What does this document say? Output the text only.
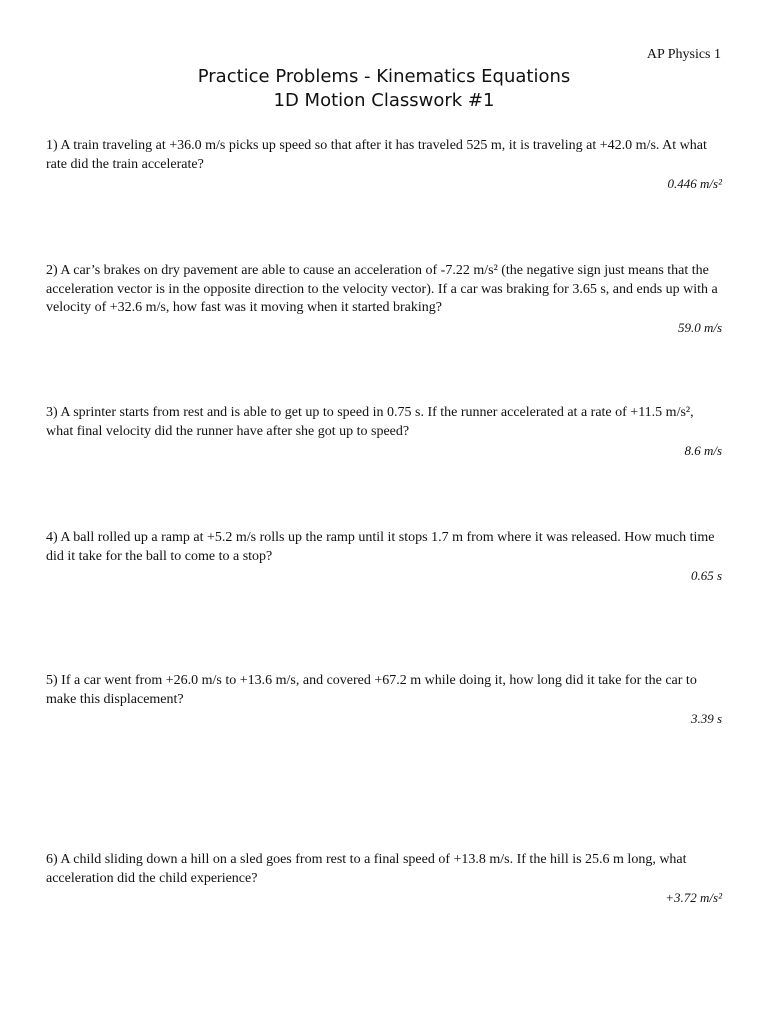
AP Physics 1
Practice Problems - Kinematics Equations
1D Motion Classwork #1

1) A train traveling at +36.0 m/s picks up speed so that after it has traveled 525 m, it is traveling at +42.0 m/s. At what rate did the train accelerate?

0.446 m/s²

2) A car’s brakes on dry pavement are able to cause an acceleration of -7.22 m/s² (the negative sign just means that the acceleration vector is in the opposite direction to the velocity vector). If a car was braking for 3.65 s, and ends up with a velocity of +32.6 m/s, how fast was it moving when it started braking?

59.0 m/s

3) A sprinter starts from rest and is able to get up to speed in 0.75 s. If the runner accelerated at a rate of +11.5 m/s², what final velocity did the runner have after she got up to speed?

8.6 m/s

4) A ball rolled up a ramp at +5.2 m/s rolls up the ramp until it stops 1.7 m from where it was released. How much time did it take for the ball to come to a stop?

0.65 s

5) If a car went from +26.0 m/s to +13.6 m/s, and covered +67.2 m while doing it, how long did it take for the car to make this displacement?

3.39 s

6) A child sliding down a hill on a sled goes from rest to a final speed of +13.8 m/s. If the hill is 25.6 m long, what acceleration did the child experience?

+3.72 m/s²
